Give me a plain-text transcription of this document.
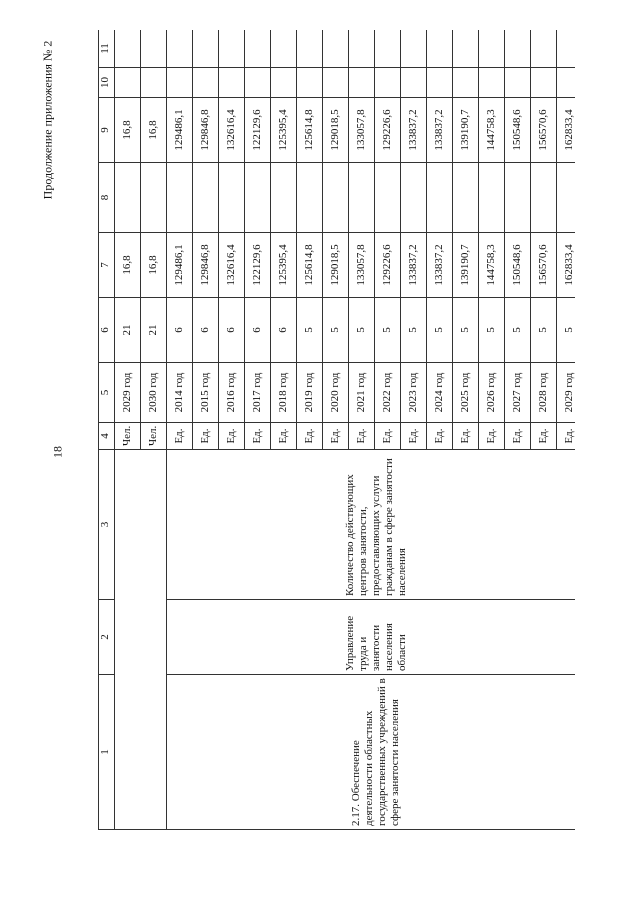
18
Продолжение приложения № 2
1	2	3	4	5	6	7	8	9	10	11
			Чел.	2029 год	21	16,8		16,8		
			Чел.	2030 год	21	16,8		16,8		
2.17. Обеспечение деятельности областных государственных учреждений в сфере занятости населения	Управление труда и занятости населения области	Количество действующих центров занятости, предоставляющих услуги гражданам в сфере занятости населения	Ед.	2014 год	6	129486,1		129486,1		
			Ед.	2015 год	6	129846,8		129846,8		
			Ед.	2016 год	6	132616,4		132616,4		
			Ед.	2017 год	6	122129,6		122129,6		
			Ед.	2018 год	6	125395,4		125395,4		
			Ед.	2019 год	5	125614,8		125614,8		
			Ед.	2020 год	5	129018,5		129018,5		
			Ед.	2021 год	5	133057,8		133057,8		
			Ед.	2022 год	5	129226,6		129226,6		
			Ед.	2023 год	5	133837,2		133837,2		
			Ед.	2024 год	5	133837,2		133837,2		
			Ед.	2025 год	5	139190,7		139190,7		
			Ед.	2026 год	5	144758,3		144758,3		
			Ед.	2027 год	5	150548,6		150548,6		
			Ед.	2028 год	5	156570,6		156570,6		
			Ед.	2029 год	5	162833,4		162833,4		
